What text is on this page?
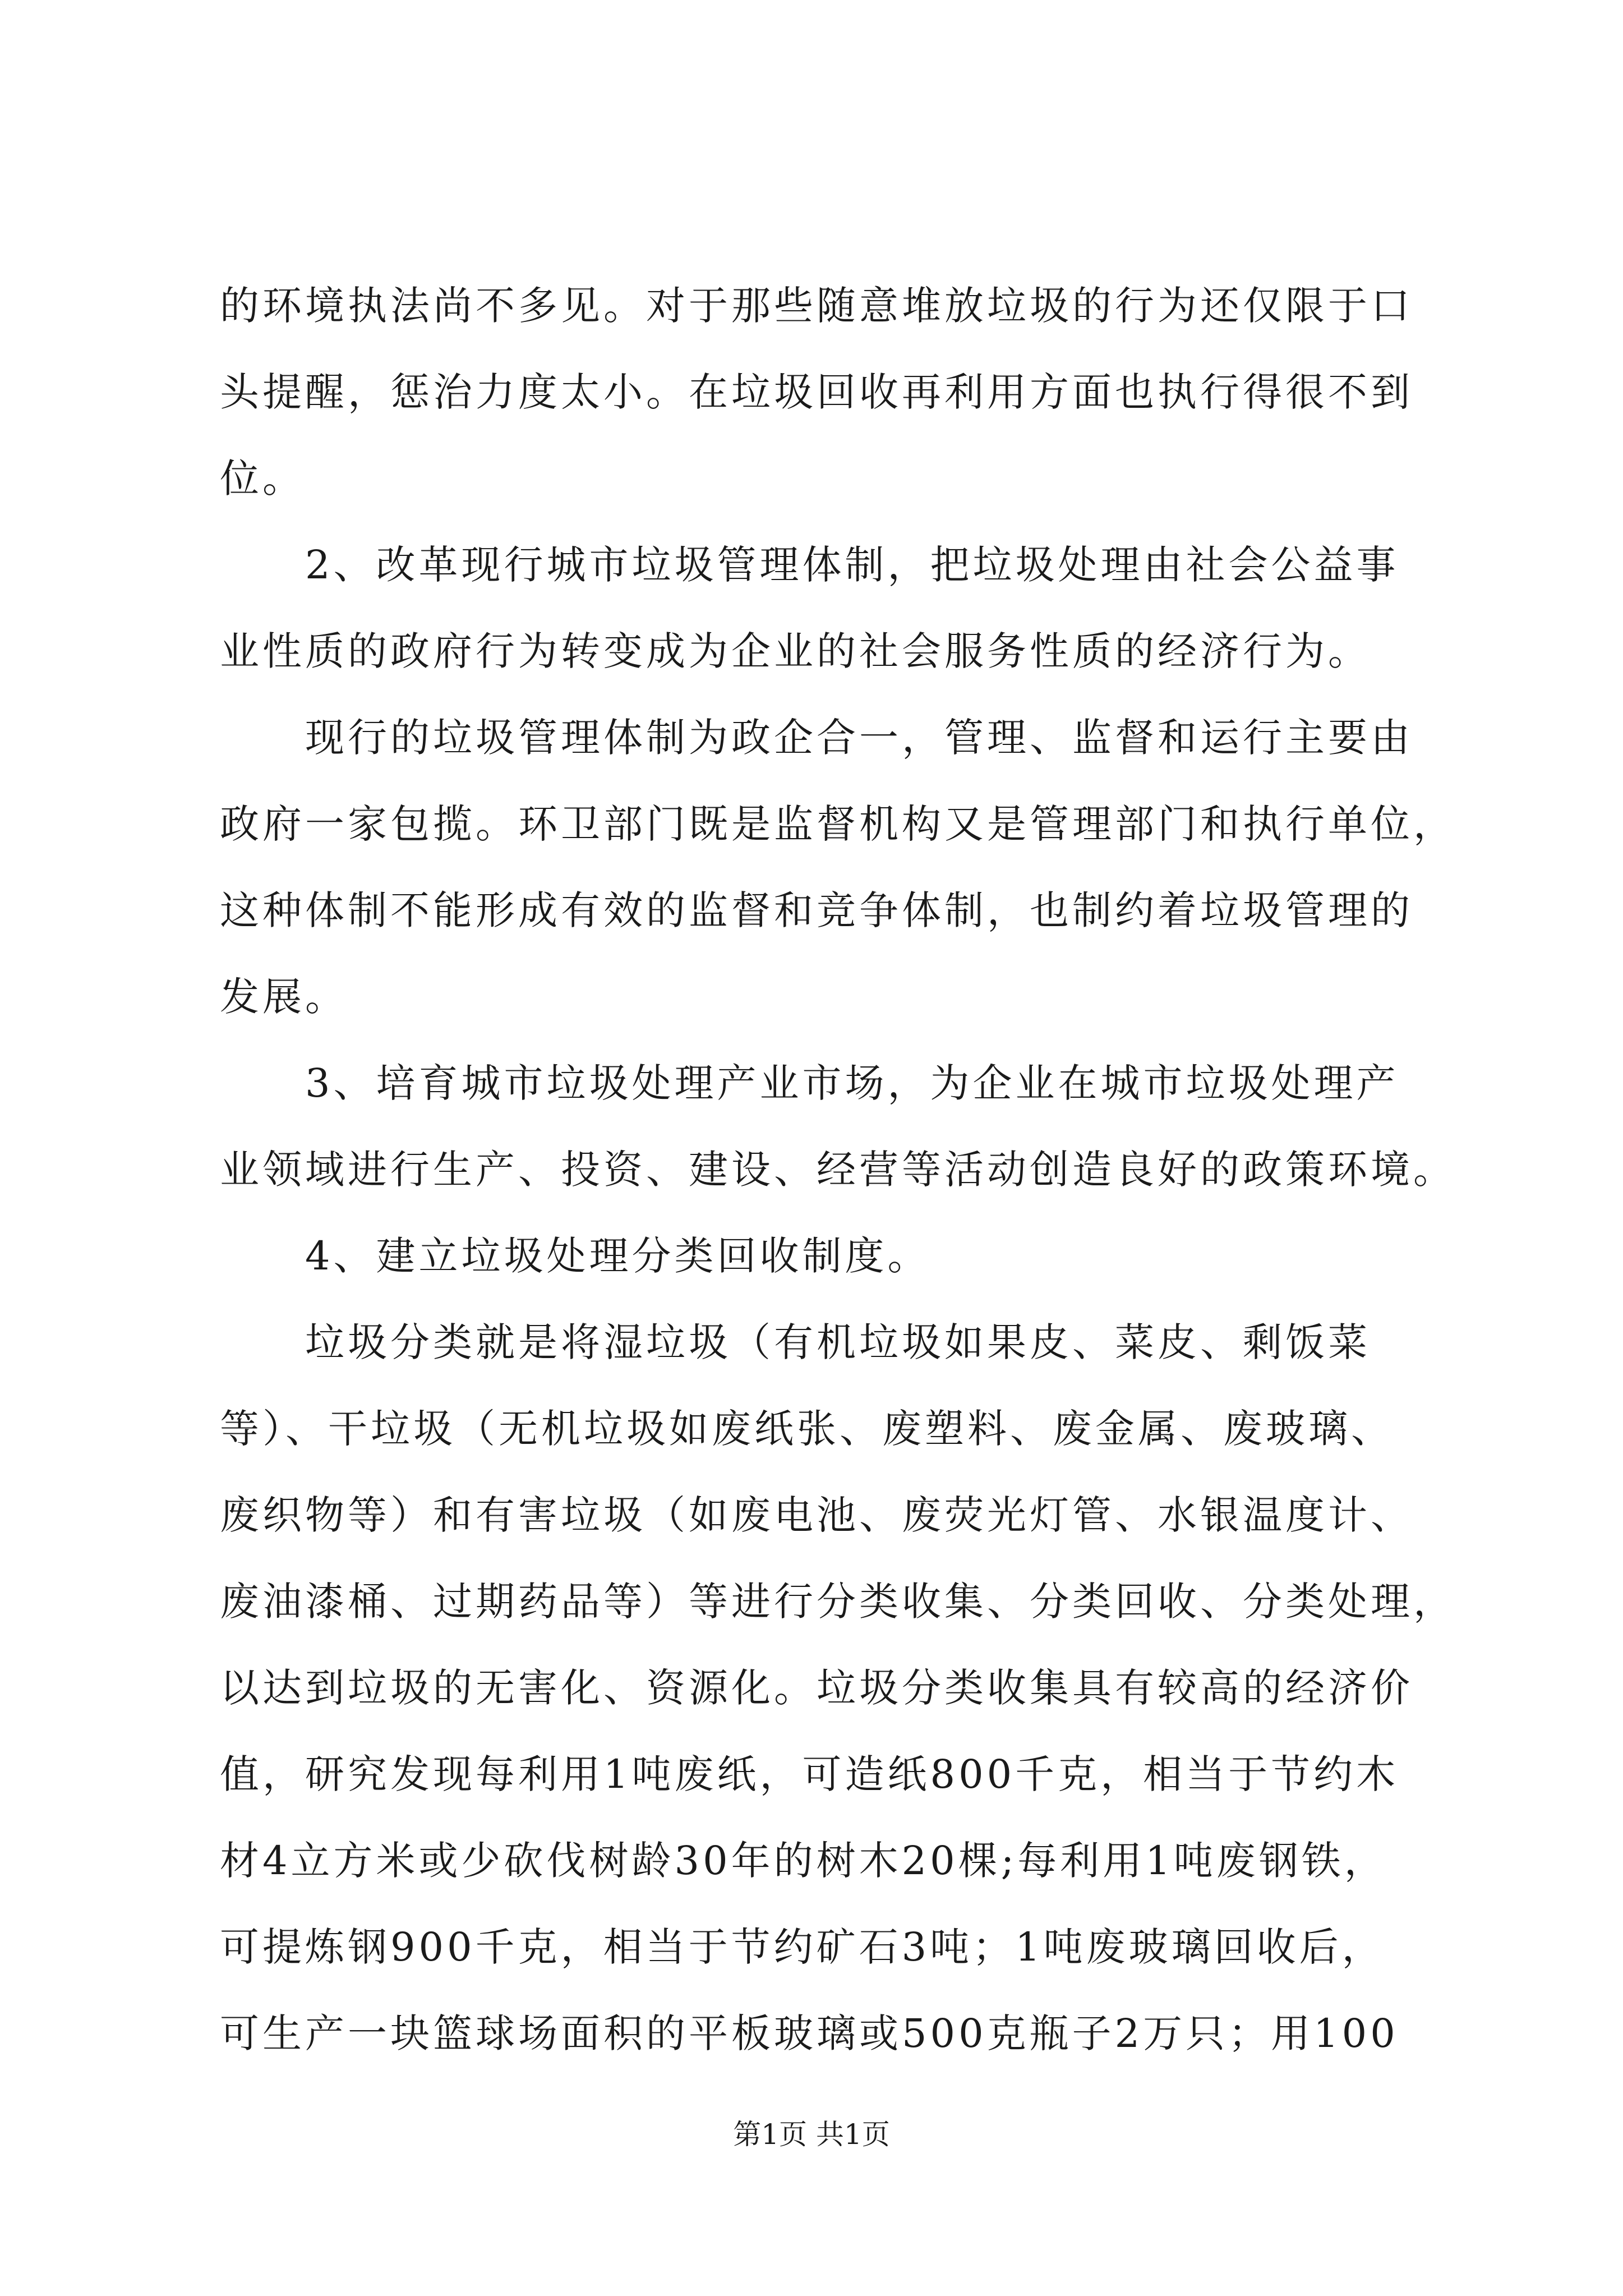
的环境执法尚不多见。对于那些随意堆放垃圾的行为还仅限于口
头提醒，惩治力度太小。在垃圾回收再利用方面也执行得很不到
位。
　　2、改革现行城市垃圾管理体制，把垃圾处理由社会公益事
业性质的政府行为转变成为企业的社会服务性质的经济行为。
　　现行的垃圾管理体制为政企合一，管理、监督和运行主要由
政府一家包揽。环卫部门既是监督机构又是管理部门和执行单位，
这种体制不能形成有效的监督和竞争体制，也制约着垃圾管理的
发展。
　　3、培育城市垃圾处理产业市场，为企业在城市垃圾处理产
业领域进行生产、投资、建设、经营等活动创造良好的政策环境。
　　4、建立垃圾处理分类回收制度。
　　垃圾分类就是将湿垃圾（有机垃圾如果皮、菜皮、剩饭菜
等）、干垃圾（无机垃圾如废纸张、废塑料、废金属、废玻璃、
废织物等）和有害垃圾（如废电池、废荧光灯管、水银温度计、
废油漆桶、过期药品等）等进行分类收集、分类回收、分类处理，
以达到垃圾的无害化、资源化。垃圾分类收集具有较高的经济价
值，研究发现每利用1吨废纸，可造纸800千克，相当于节约木
材4立方米或少砍伐树龄30年的树木20棵;每利用1吨废钢铁，
可提炼钢900千克，相当于节约矿石3吨；1吨废玻璃回收后，
可生产一块篮球场面积的平板玻璃或500克瓶子2万只；用100
第1页 共1页
